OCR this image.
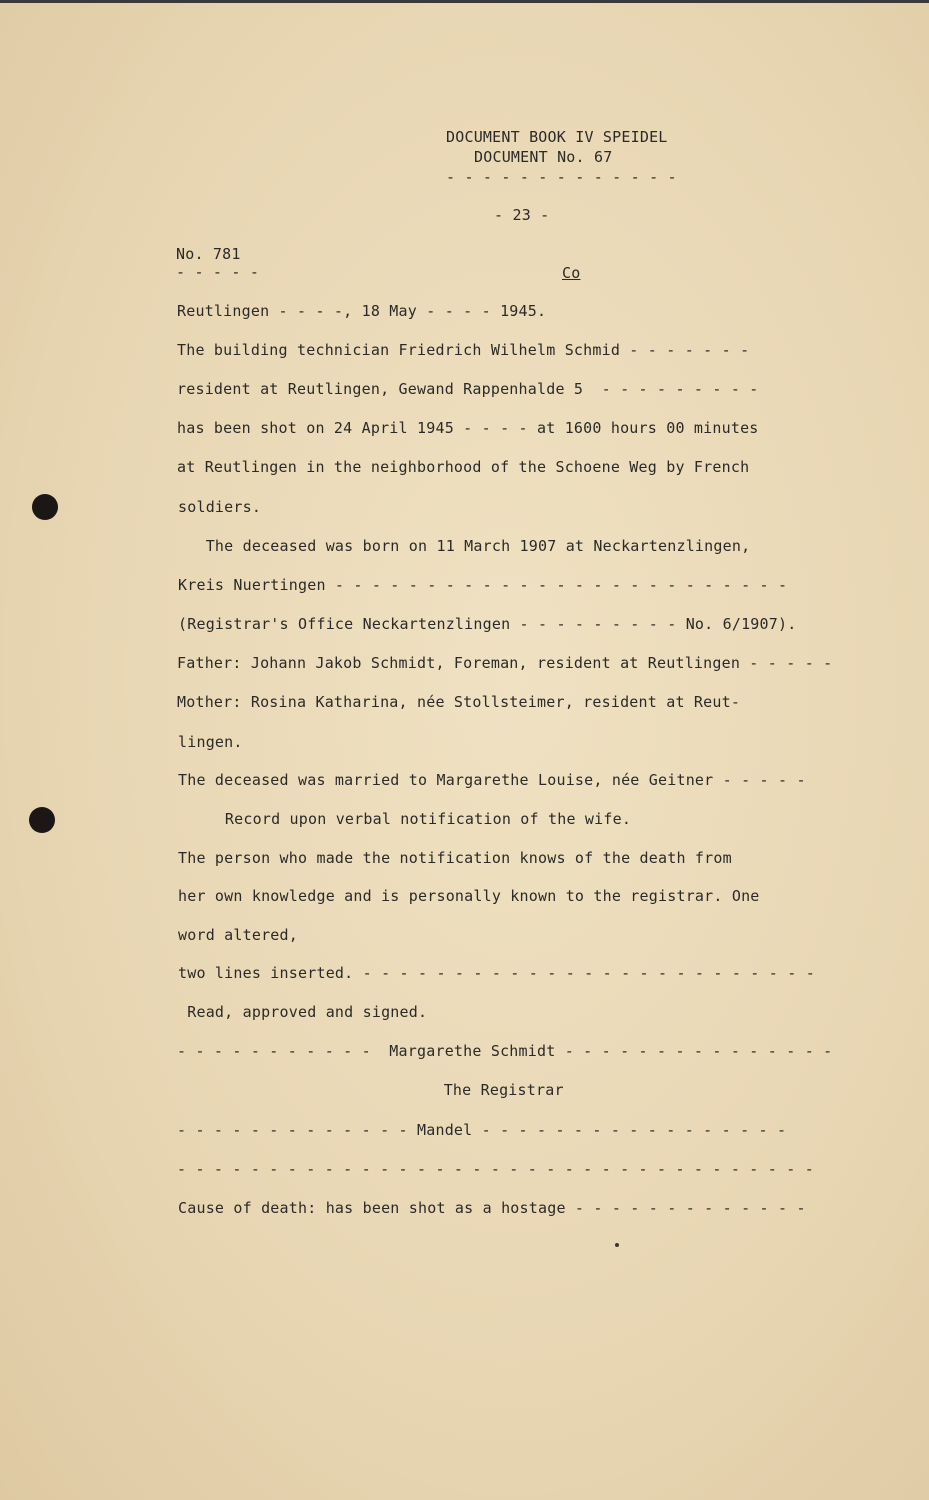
DOCUMENT BOOK IV SPEIDEL
DOCUMENT No. 67
- - - - - - - - - - - - -
- 23 -
No. 781
- - - - -	Co
Reutlingen - - - -, 18 May - - - - 1945.
The building technician Friedrich Wilhelm Schmid - - - - - - -
resident at Reutlingen, Gewand Rappenhalde 5  - - - - - - - - -
has been shot on 24 April 1945 - - - - at 1600 hours 00 minutes
at Reutlingen in the neighborhood of the Schoene Weg by French
soldiers.
The deceased was born on 11 March 1907 at Neckartenzlingen,
Kreis Nuertingen - - - - - - - - - - - - - - - - - - - - - - - - -
(Registrar's Office Neckartenzlingen - - - - - - - - - No. 6/1907).
Father: Johann Jakob Schmidt, Foreman, resident at Reutlingen - - - - -
Mother: Rosina Katharina, née Stollsteimer, resident at Reut-
lingen.
The deceased was married to Margarethe Louise, née Geitner - - - - -
Record upon verbal notification of the wife.
The person who made the notification knows of the death from
her own knowledge and is personally known to the registrar. One
word altered,
two lines inserted. - - - - - - - - - - - - - - - - - - - - - - - - -
Read, approved and signed.
- - - - - - - - - - -  Margarethe Schmidt - - - - - - - - - - - - - - -
The Registrar
- - - - - - - - - - - - - Mandel - - - - - - - - - - - - - - - - -
- - - - - - - - - - - - - - - - - - - - - - - - - - - - - - - - - - -
Cause of death: has been shot as a hostage - - - - - - - - - - - - -
